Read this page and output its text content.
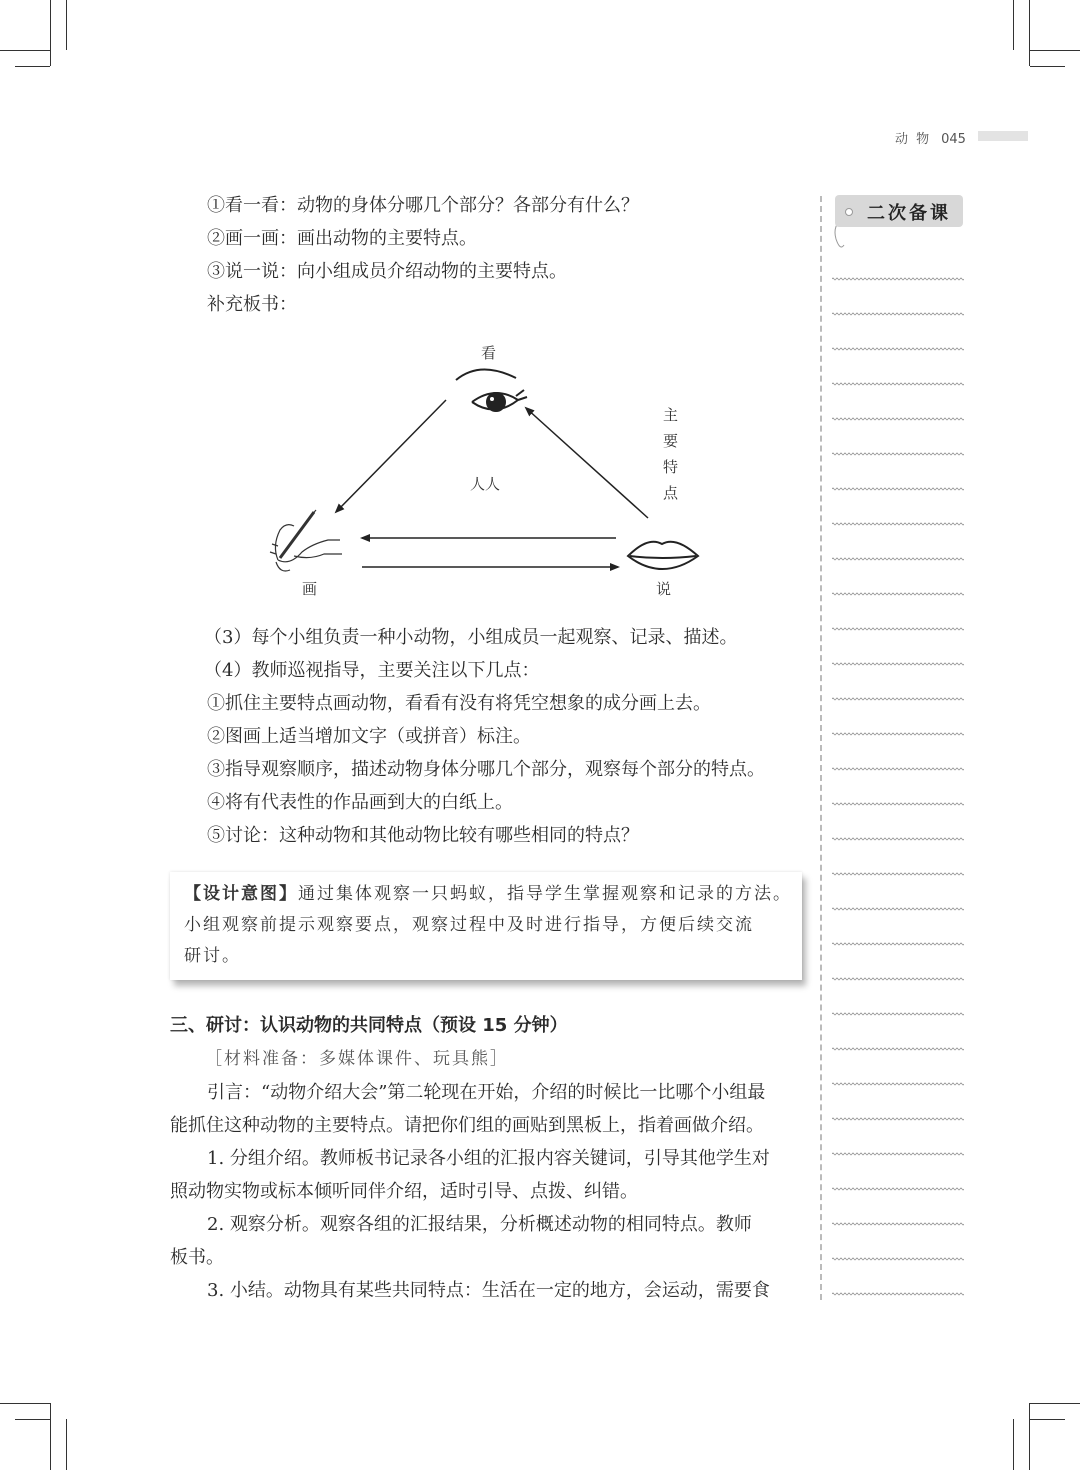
动 物 045
①看一看：动物的身体分哪几个部分？各部分有什么？
②画一画：画出动物的主要特点。
③说一说：向小组成员介绍动物的主要特点。
补充板书：
看
人人
主
要
特
点
画	说
（3）每个小组负责一种小动物，小组成员一起观察、记录、描述。
（4）教师巡视指导，主要关注以下几点：
①抓住主要特点画动物，看看有没有将凭空想象的成分画上去。
②图画上适当增加文字（或拼音）标注。
③指导观察顺序，描述动物身体分哪几个部分，观察每个部分的特点。
④将有代表性的作品画到大的白纸上。
⑤讨论：这种动物和其他动物比较有哪些相同的特点？
【设计意图】通过集体观察一只蚂蚁，指导学生掌握观察和记录的方法。
小组观察前提示观察要点，观察过程中及时进行指导，方便后续交流
研讨。
三、研讨：认识动物的共同特点（预设 15 分钟）
［材料准备：多媒体课件、玩具熊］
引言：“动物介绍大会”第二轮现在开始，介绍的时候比一比哪个小组最
能抓住这种动物的主要特点。请把你们组的画贴到黑板上，指着画做介绍。
1. 分组介绍。教师板书记录各小组的汇报内容关键词，引导其他学生对
照动物实物或标本倾听同伴介绍，适时引导、点拨、纠错。
2. 观察分析。观察各组的汇报结果，分析概述动物的相同特点。教师
板书。
3. 小结。动物具有某些共同特点：生活在一定的地方，会运动，需要食
二次备课
